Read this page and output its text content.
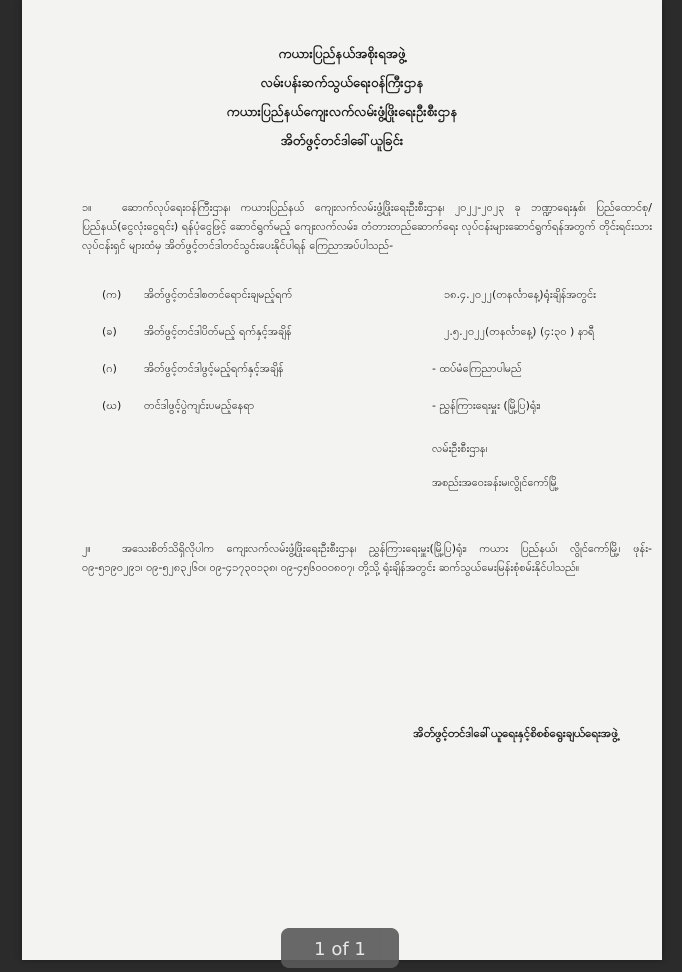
ကယားပြည်နယ်အစိုးရအဖွဲ့
လမ်းပန်းဆက်သွယ်ရေးဝန်ကြီးဌာန
ကယားပြည်နယ်ကျေးလက်လမ်းဖွံ့ဖြိုးရေးဦးစီးဌာန
အိတ်ဖွင့်တင်ဒါခေါ်ယူခြင်း
၁။	ဆောက်လုပ်ရေးဝန်ကြီးဌာန၊ ကယားပြည်နယ် ကျေးလက်လမ်းဖွံ့ဖြိုးရေးဦးစီးဌာန၊ ၂၀၂၂-၂၀၂၃ ခု ဘဏ္ဍာရေးနှစ်၊ ပြည်ထောင်စု/ ပြည်နယ်(ငွေလုံးငွေရင်း) ရန်ပုံငွေဖြင့် ဆောင်ရွက်မည့် ကျေးလက်လမ်း၊ တံတားတည်ဆောက်ရေး လုပ်ငန်းများဆောင်ရွက်ရန်အတွက် တိုင်းရင်းသားလုပ်ငန်းရှင် များထံမှ အိတ်ဖွင့်တင်ဒါတင်သွင်းပေးနိုင်ပါရန် ကြေညာအပ်ပါသည်-
(က) အိတ်ဖွင့်တင်ဒါစတင်ရောင်းချမည့်ရက်	၁၈.၄.၂၀၂၂(တနင်္လာနေ့)ရုံးချိန်အတွင်း
(ခ) အိတ်ဖွင့်တင်ဒါပိတ်မည့် ရက်နှင့်အချိန်	၂.၅.၂၀၂၂(တနင်္လာနေ့) (၄:၃၀ ) နာရီ
(ဂ) အိတ်ဖွင့်တင်ဒါဖွင့်မည့်ရက်နှင့်အချိန်	- ထပ်မံကြေညာပါမည်
(ဃ) တင်ဒါဖွင့်ပွဲကျင်းပမည့်နေရာ	- ညွှန်ကြားရေးမှူး (မြို့ပြ)ရုံး၊
လမ်းဦးစီးဌာန၊
အစည်းအဝေးခန်းမ၊လွိုင်ကော်မြို့
၂။	အသေးစိတ်သိရှိလိုပါက ကျေးလက်လမ်းဖွံ့ဖြိုးရေးဦးစီးဌာန၊ ညွှန်ကြားရေးမှူး(မြို့ပြ)ရုံး၊ ကယား ပြည်နယ်၊ လွိုင်ကော်မြို့၊ ဖုန်း- ၀၉-၅၁၉၀၂၉၁၊ ၀၉-၅၂၈၃၂၆၀၊ ၀၉-၄၁၇၃၀၁၃၈၊ ၀၉-၄၅၆၀၀၀၈၀၇၊ တို့သို့ ရုံးချိန်အတွင်း ဆက်သွယ်မေးမြန်းစုံစမ်းနိုင်ပါသည်။
အိတ်ဖွင့်တင်ဒါခေါ်ယူရေးနှင့်စိစစ်ရွေးချယ်ရေးအဖွဲ့
1 of 1
